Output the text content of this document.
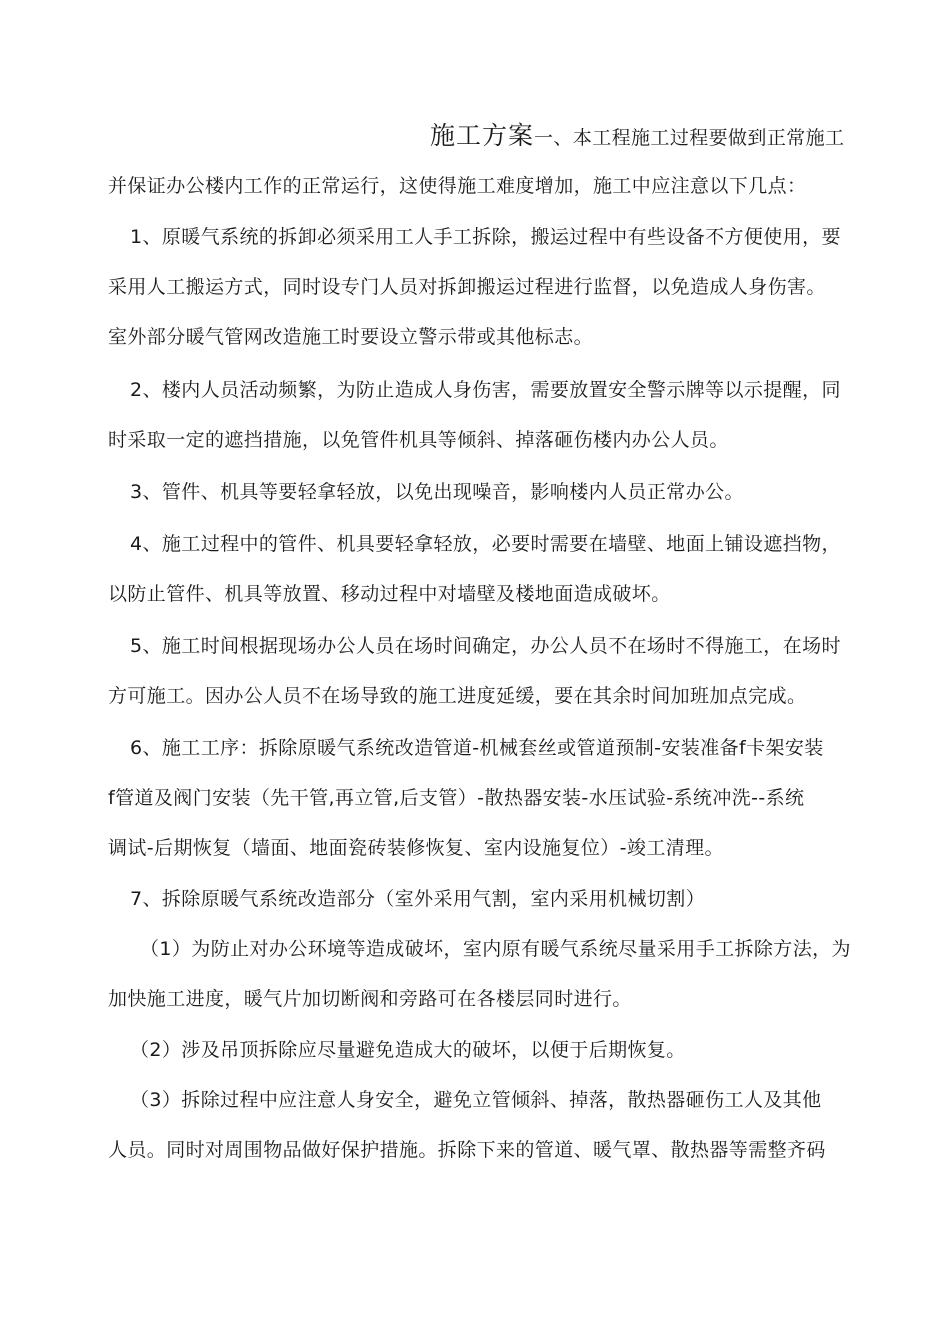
施工方案一、本工程施工过程要做到正常施工
并保证办公楼内工作的正常运行，这使得施工难度增加，施工中应注意以下几点：
1、原暖气系统的拆卸必须采用工人手工拆除，搬运过程中有些设备不方便使用，要
采用人工搬运方式，同时设专门人员对拆卸搬运过程进行监督，以免造成人身伤害。
室外部分暖气管网改造施工时要设立警示带或其他标志。
2、楼内人员活动频繁，为防止造成人身伤害，需要放置安全警示牌等以示提醒，同
时采取一定的遮挡措施，以免管件机具等倾斜、掉落砸伤楼内办公人员。
3、管件、机具等要轻拿轻放，以免出现噪音，影响楼内人员正常办公。
4、施工过程中的管件、机具要轻拿轻放，必要时需要在墙壁、地面上铺设遮挡物，
以防止管件、机具等放置、移动过程中对墙壁及楼地面造成破坏。
5、施工时间根据现场办公人员在场时间确定，办公人员不在场时不得施工，在场时
方可施工。因办公人员不在场导致的施工进度延缓，要在其余时间加班加点完成。
6、施工工序：拆除原暖气系统改造管道-机械套丝或管道预制-安装准备f卡架安装
f管道及阀门安装（先干管,再立管,后支管）-散热器安装-水压试验-系统冲洗--系统
调试-后期恢复（墙面、地面瓷砖装修恢复、室内设施复位）-竣工清理。
7、拆除原暖气系统改造部分（室外采用气割，室内采用机械切割）
（1）为防止对办公环境等造成破坏，室内原有暖气系统尽量采用手工拆除方法，为
加快施工进度，暖气片加切断阀和旁路可在各楼层同时进行。
（2）涉及吊顶拆除应尽量避免造成大的破坏，以便于后期恢复。
（3）拆除过程中应注意人身安全，避免立管倾斜、掉落，散热器砸伤工人及其他
人员。同时对周围物品做好保护措施。拆除下来的管道、暖气罩、散热器等需整齐码
